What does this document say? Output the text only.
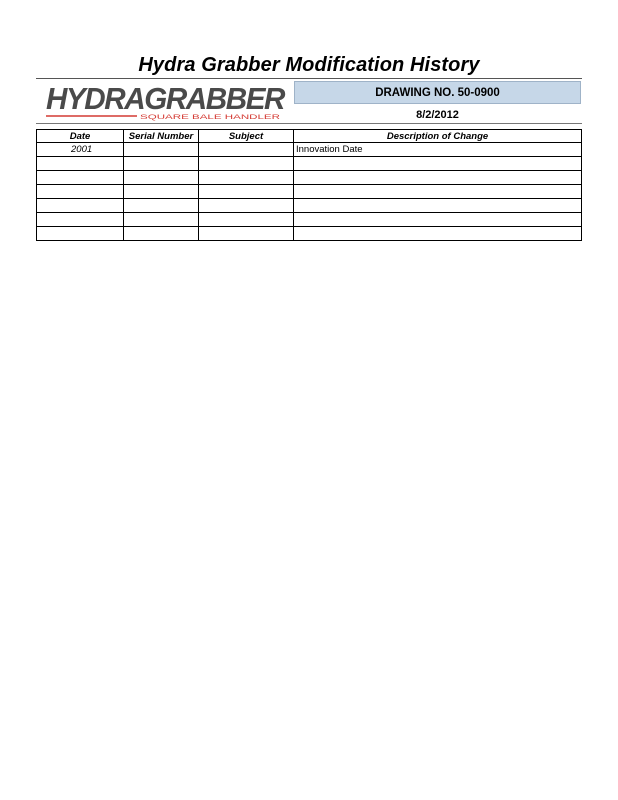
Hydra Grabber Modification History
HYDRAGRABBER
SQUARE BALE HANDLER
DRAWING NO. 50-0900
8/2/2012
Date	Serial Number	Subject	Description of Change
2001			Innovation Date
